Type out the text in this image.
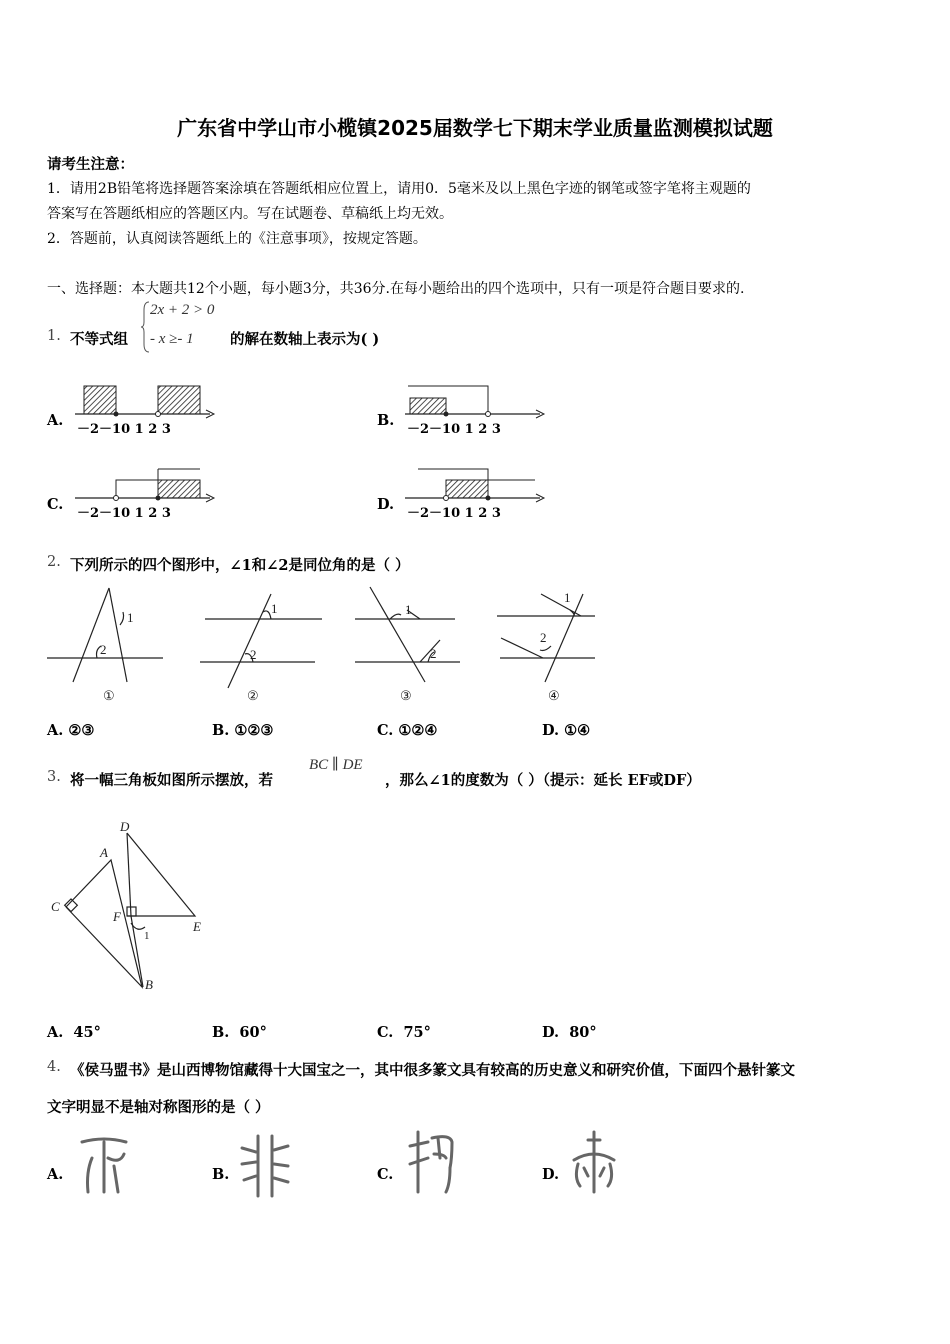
广东省中学山市小榄镇2025届数学七下期末学业质量监测模拟试题
请考生注意：
1．请用2B铅笔将选择题答案涂填在答题纸相应位置上，请用0．5毫米及以上黑色字迹的钢笔或签字笔将主观题的
答案写在答题纸相应的答题区内。写在试题卷、草稿纸上均无效。
2．答题前，认真阅读答题纸上的《注意事项》，按规定答题。
一、选择题：本大题共12个小题，每小题3分，共36分.在每小题给出的四个选项中，只有一项是符合题目要求的.
1. 不等式组
2x + 2 > 0
- x ≥- 1	的解在数轴上表示为( )
A.
－2－10 1 2 3
B.
－2－10 1 2 3
C.
－2－10 1 2 3
D.
－2－10 1 2 3
2. 下列所示的四个图形中，∠1和∠2是同位角的是（ ）
1
2
①
1
2
②
1
2
③
1
2
④
A. ②③	B. ①②③	C. ①②④	D. ①④
3. 将一幅三角板如图所示摆放，若
BC ∥ DE
，那么∠1的度数为（ ）（提示：延长 EF或DF）
D
A
C
F
E
B
1
A. 45°	B. 60°	C. 75°	D. 80°
4. 《侯马盟书》是山西博物馆藏得十大国宝之一，其中很多篆文具有较高的历史意义和研究价值，下面四个悬针篆文
文字明显不是轴对称图形的是（ ）
A.	B.	C.	D.
